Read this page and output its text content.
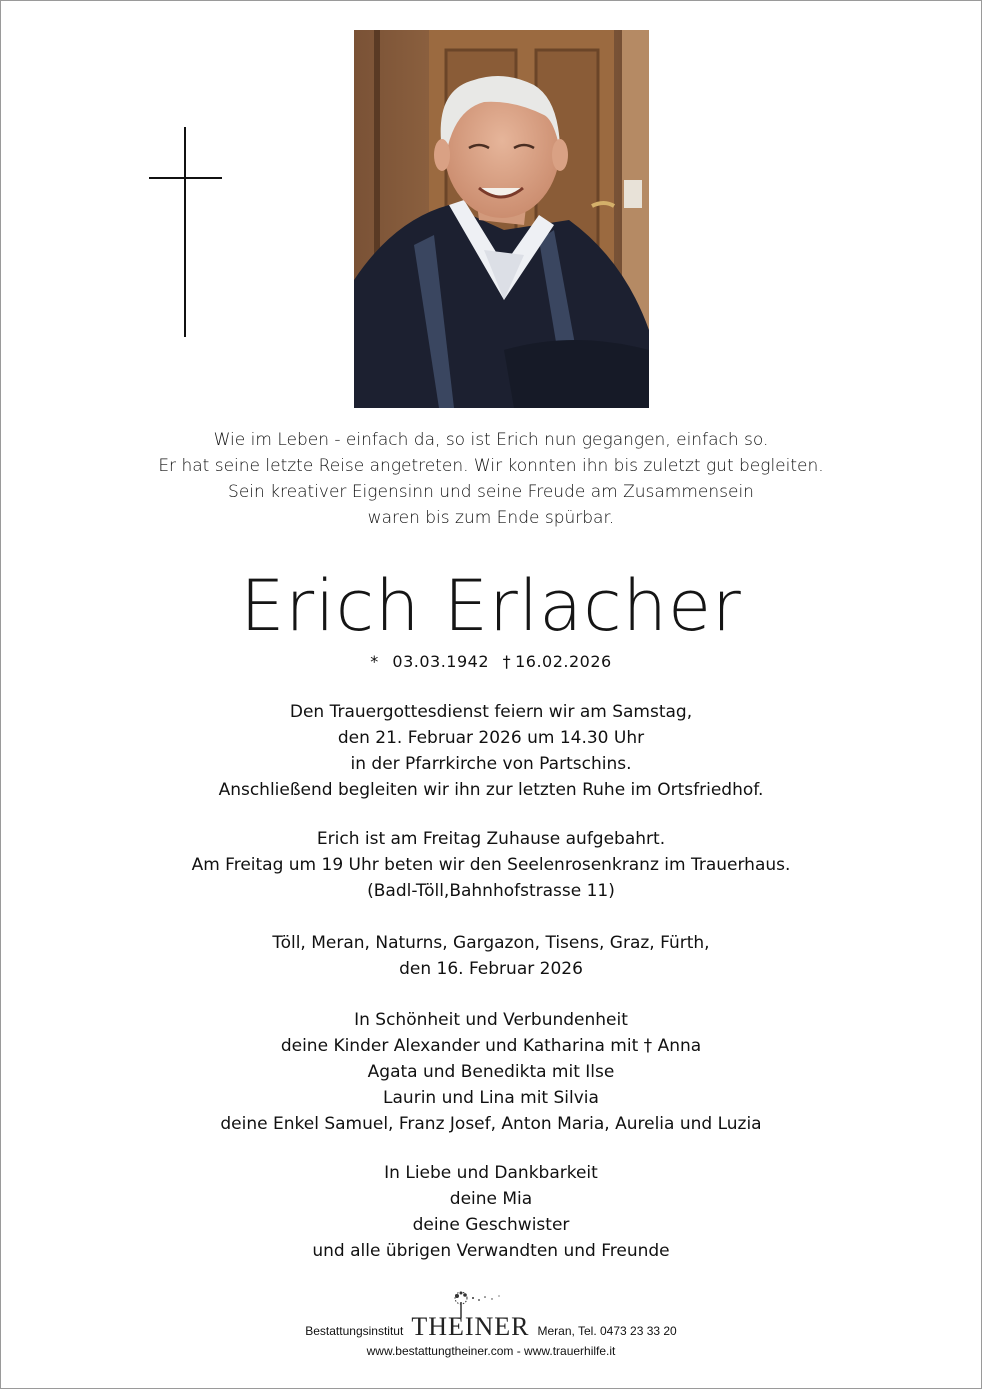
Wie im Leben - einfach da, so ist Erich nun gegangen, einfach so.
Er hat seine letzte Reise angetreten. Wir konnten ihn bis zuletzt gut begleiten.
Sein kreativer Eigensinn und seine Freude am Zusammensein
waren bis zum Ende spürbar.
Erich Erlacher
* 03.03.1942 † 16.02.2026
Den Trauergottesdienst feiern wir am Samstag,
den 21. Februar 2026 um 14.30 Uhr
in der Pfarrkirche von Partschins.
Anschließend begleiten wir ihn zur letzten Ruhe im Ortsfriedhof.
Erich ist am Freitag Zuhause aufgebahrt.
Am Freitag um 19 Uhr beten wir den Seelenrosenkranz im Trauerhaus.
(Badl-Töll,Bahnhofstrasse 11)
Töll, Meran, Naturns, Gargazon, Tisens, Graz, Fürth,
den 16. Februar 2026
In Schönheit und Verbundenheit
deine Kinder Alexander und Katharina mit † Anna
Agata und Benedikta mit Ilse
Laurin und Lina mit Silvia
deine Enkel Samuel, Franz Josef, Anton Maria, Aurelia und Luzia
In Liebe und Dankbarkeit
deine Mia
deine Geschwister
und alle übrigen Verwandten und Freunde
Bestattungsinstitut THEINER Meran, Tel. 0473 23 33 20
www.bestattungtheiner.com - www.trauerhilfe.it
